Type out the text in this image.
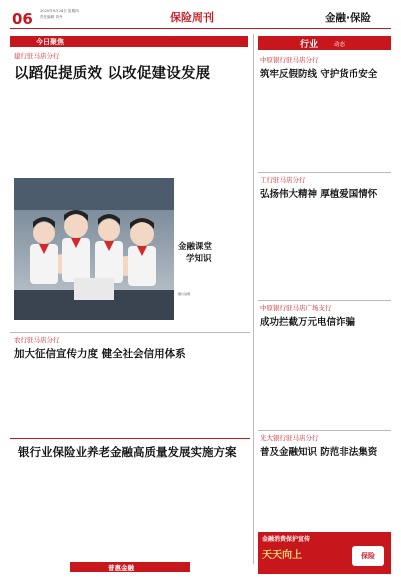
06 2020年9月24日 星期四
责任编辑 刘丹	保险周刊	金融·保险
今日聚焦
建行驻马店分行
以蹈促提质效 以改促建设发展
金融课堂
学知识
图片说明
农行驻马店分行
加大征信宣传力度 健全社会信用体系
银行业保险业养老金融高质量发展实施方案
普惠金融
行业	动态
中原银行驻马店分行
筑牢反假防线 守护货币安全
工行驻马店分行
弘扬伟大精神 厚植爱国情怀
中原银行驻马店广场支行
成功拦截万元电信诈骗
光大银行驻马店分行
普及金融知识 防范非法集资
金融消费保护宣传
天天向上	保险
